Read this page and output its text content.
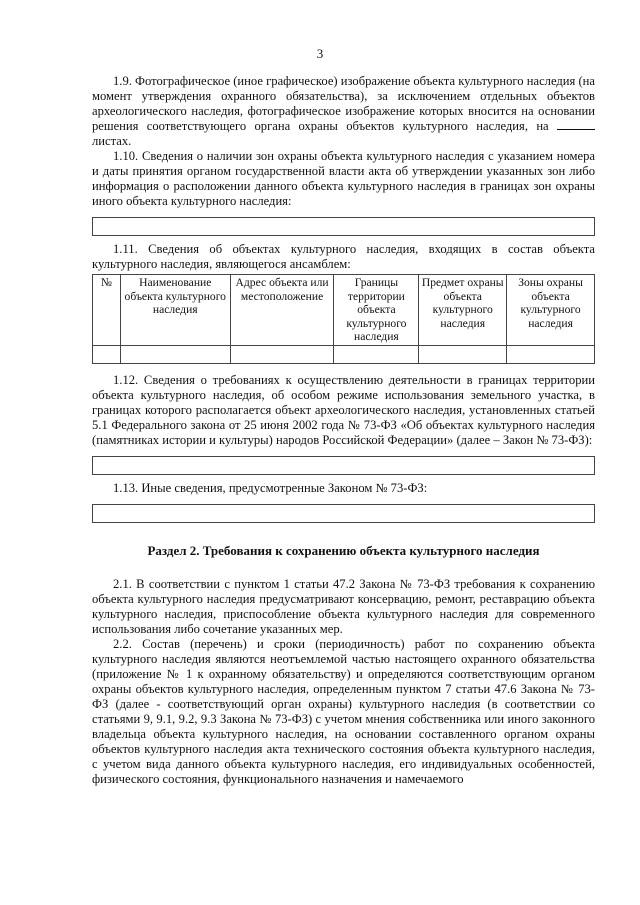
3

1.9. Фотографическое (иное графическое) изображение объекта культурного наследия (на момент утверждения охранного обязательства), за исключением отдельных объектов археологического наследия, фотографическое изображение которых вносится на основании решения соответствующего органа охраны объектов культурного наследия, на  листах.

1.10. Сведения о наличии зон охраны объекта культурного наследия с указанием номера и даты принятия органом государственной власти акта об утверждении указанных зон либо информация о расположении данного объекта культурного наследия в границах зон охраны иного объекта культурного наследия:

1.11. Сведения об объектах культурного наследия, входящих в состав объекта культурного наследия, являющегося ансамблем:

№	Наименование объекта культурного наследия	Адрес объекта или местоположение	Границы территории объекта культурного наследия	Предмет охраны объекта культурного наследия	Зоны охраны объекта культурного наследия

1.12. Сведения о требованиях к осуществлению деятельности в границах территории объекта культурного наследия, об особом режиме использования земельного участка, в границах которого располагается объект археологического наследия, установленных статьей 5.1 Федерального закона от 25 июня 2002 года № 73-ФЗ «Об объектах культурного наследия (памятниках истории и культуры) народов Российской Федерации» (далее – Закон № 73-ФЗ):

1.13. Иные сведения, предусмотренные Законом № 73-ФЗ:

Раздел 2. Требования к сохранению объекта культурного наследия

2.1. В соответствии с пунктом 1 статьи 47.2 Закона № 73-ФЗ требования к сохранению объекта культурного наследия предусматривают консервацию, ремонт, реставрацию объекта культурного наследия, приспособление объекта культурного наследия для современного использования либо сочетание указанных мер.

2.2. Состав (перечень) и сроки (периодичность) работ по сохранению объекта культурного наследия являются неотъемлемой частью настоящего охранного обязательства (приложение № 1 к охранному обязательству) и определяются соответствующим органом охраны объектов культурного наследия, определенным пунктом 7 статьи 47.6 Закона № 73-ФЗ (далее - соответствующий орган охраны) культурного наследия (в соответствии со статьями 9, 9.1, 9.2, 9.3 Закона № 73-ФЗ) с учетом мнения собственника или иного законного владельца объекта культурного наследия, на основании составленного органом охраны объектов культурного наследия акта технического состояния объекта культурного наследия, с учетом вида данного объекта культурного наследия, его индивидуальных особенностей, физического состояния, функционального назначения и намечаемого
